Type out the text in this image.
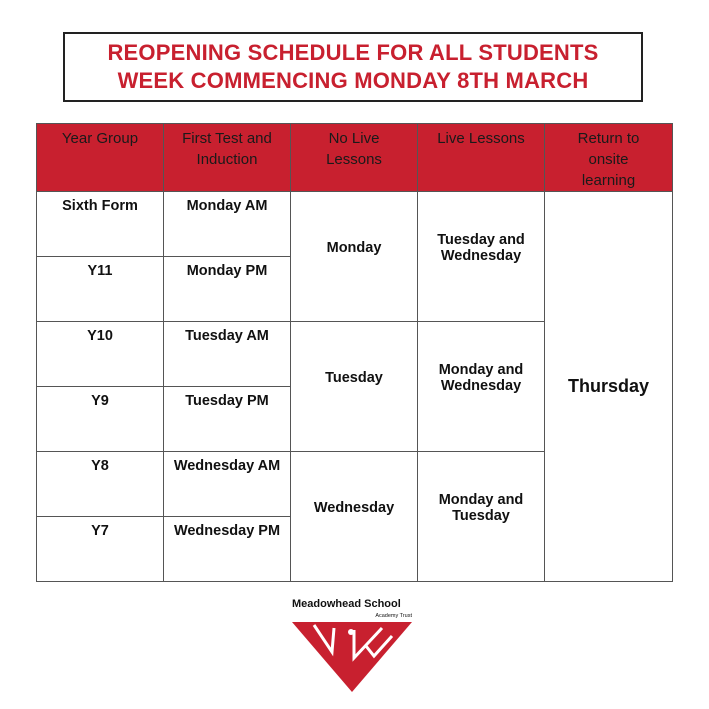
REOPENING SCHEDULE FOR ALL STUDENTS
WEEK COMMENCING MONDAY 8TH MARCH
Year Group	First Test and Induction	No Live Lessons	Live Lessons	Return to onsite learning
Sixth Form	Monday AM	Monday	Tuesday and Wednesday	Thursday
Y11	Monday PM			
Y10	Tuesday AM	Tuesday	Monday and Wednesday	
Y9	Tuesday PM			
Y8	Wednesday AM	Wednesday	Monday and Tuesday	
Y7	Wednesday PM			
Meadowhead School
Academy Trust
